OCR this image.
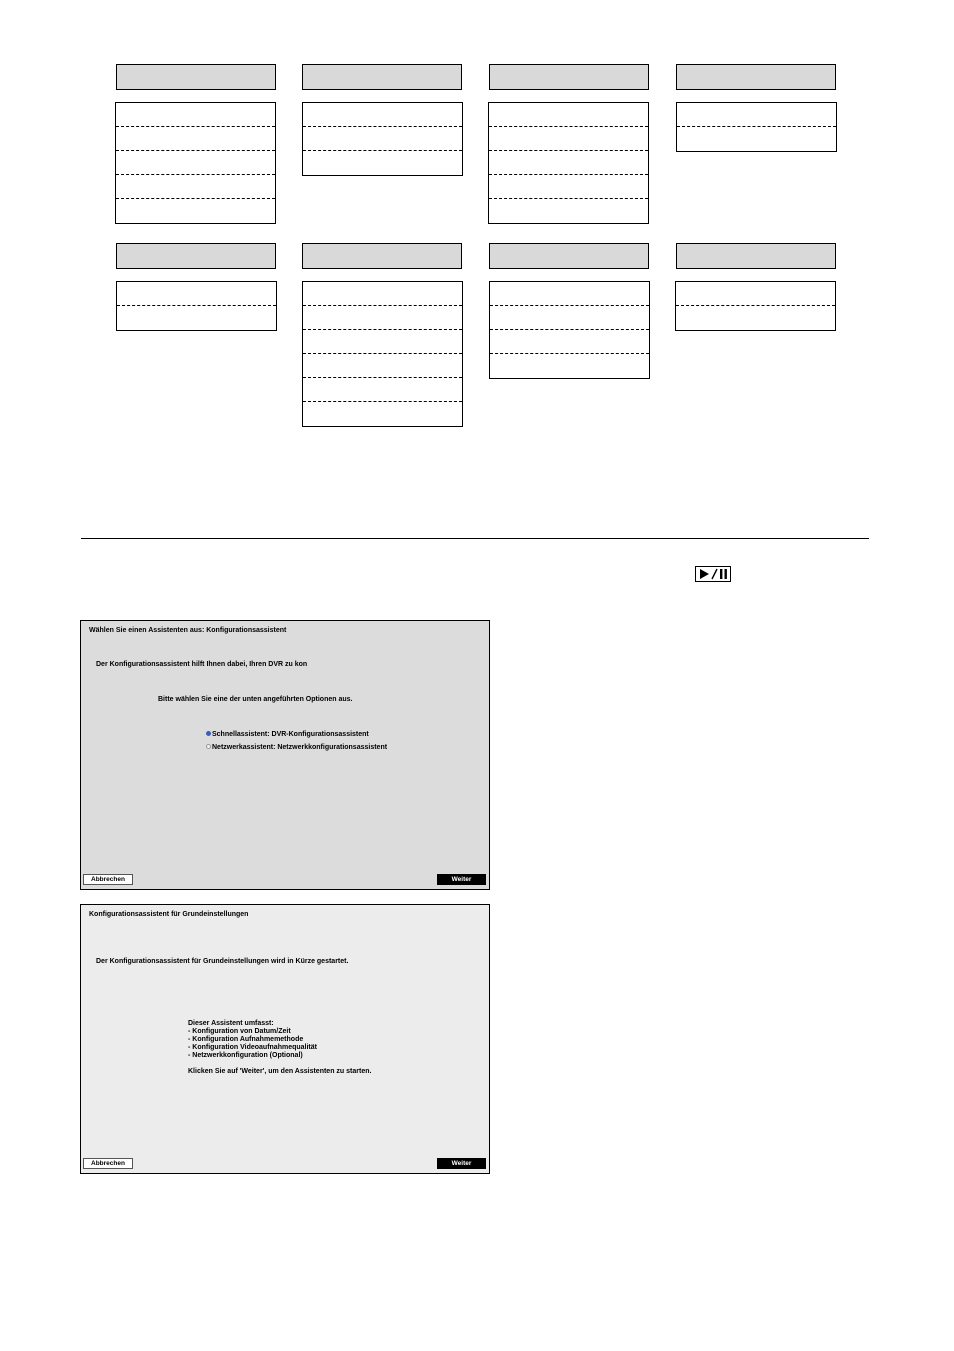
Wählen Sie einen Assistenten aus: Konfigurationsassistent
Der Konfigurationsassistent hilft Ihnen dabei, Ihren DVR zu kon
Bitte wählen Sie eine der unten angeführten Optionen aus.
Schnellassistent: DVR-Konfigurationsassistent
Netzwerkassistent: Netzwerkkonfigurationsassistent
Abbrechen	Weiter
Konfigurationsassistent für Grundeinstellungen
Der Konfigurationsassistent für Grundeinstellungen wird in Kürze gestartet.
Dieser Assistent umfasst:
- Konfiguration von Datum/Zeit
- Konfiguration Aufnahmemethode
- Konfiguration Videoaufnahmequalität
- Netzwerkkonfiguration (Optional)
Klicken Sie auf 'Weiter', um den Assistenten zu starten.
Abbrechen	Weiter
